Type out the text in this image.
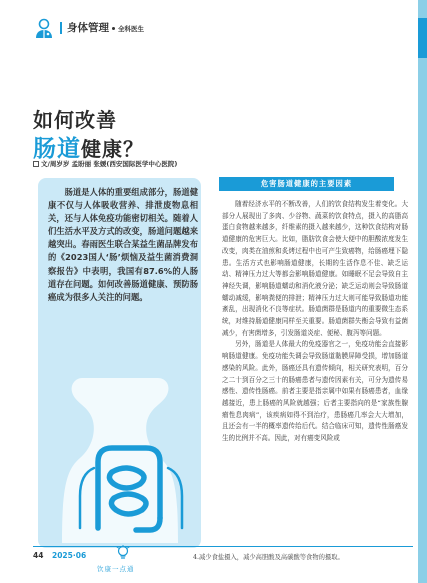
身体管理 全科医生
如何改善
肠道健康？
文/周岁岁 孟盼丽 张媛(西安国际医学中心医院)

肠道是人体的重要组成部分，肠道健康不仅与人体吸收营养、排泄废物息相关，还与人体免疫功能密切相关。随着人们生活水平及方式的改变，肠道问题越来越突出。春雨医生联合某益生菌品牌发布的《2023国人‘肠’烦恼及益生菌消费洞察报告》中表明，我国有87.6%的人肠道存在问题。如何改善肠道健康、预防肠癌成为很多人关注的问题。

危害肠道健康的主要因素

随着经济水平的不断改善，人们的饮食结构发生着变化。大部分人展现出了多肉、少谷物、蔬菜的饮食特点，摄入的高脂高蛋白食物越来越多，纤维素的摄入越来越少，这种饮食结构对肠道健康的危害巨大。比如，脂肪饮食会使大便中的胆酸浓度发生改变，肉类在油煎和炙烤过程中也可产生致癌物，给肠癌埋下隐患。生活方式也影响肠道健康，长期的生活作息不佳、缺乏运动、精神压力过大等都会影响肠道健康。如睡眠不足会导致自主神经失调，影响肠道蠕动和消化液分泌；缺乏运动则会导致肠道蠕动减缓，影响粪便的排泄；精神压力过大则可能导致肠道功能紊乱，出现消化不良等症状。肠道菌群是肠道内的重要微生态系统，对维持肠道健康同样至关重要。肠道菌群失衡会导致有益菌减少，有害菌增多，引发肠道炎症、便秘、腹泻等问题。

另外，肠道是人体最大的免疫器官之一，免疫功能会直接影响肠道健康。免疫功能失调会导致肠道黏膜屏障受损，增加肠道感染的风险。此外，肠癌还具有遗传倾向，相关研究表明，百分之二十到百分之三十的肠癌患者与遗传因素有关，可分为遗传易感性、遗传性肠癌。前者主要是指亲属中如果有肠癌患者，血缘越接近，患上肠癌的风险就越强；后者主要指向的是“家族性腺瘤性息肉病”，该疾病如得不到治疗，患肠癌几率会大大增加，且还会有一半的概率遗传给后代。结合临床可知，遗传性肠癌发生的比例并不高。因此，对有癌变风险或

44 2025·06
饮康一点通
4.减少食盐摄入，减少高胆酸及高碳酸等食物的摄取。
